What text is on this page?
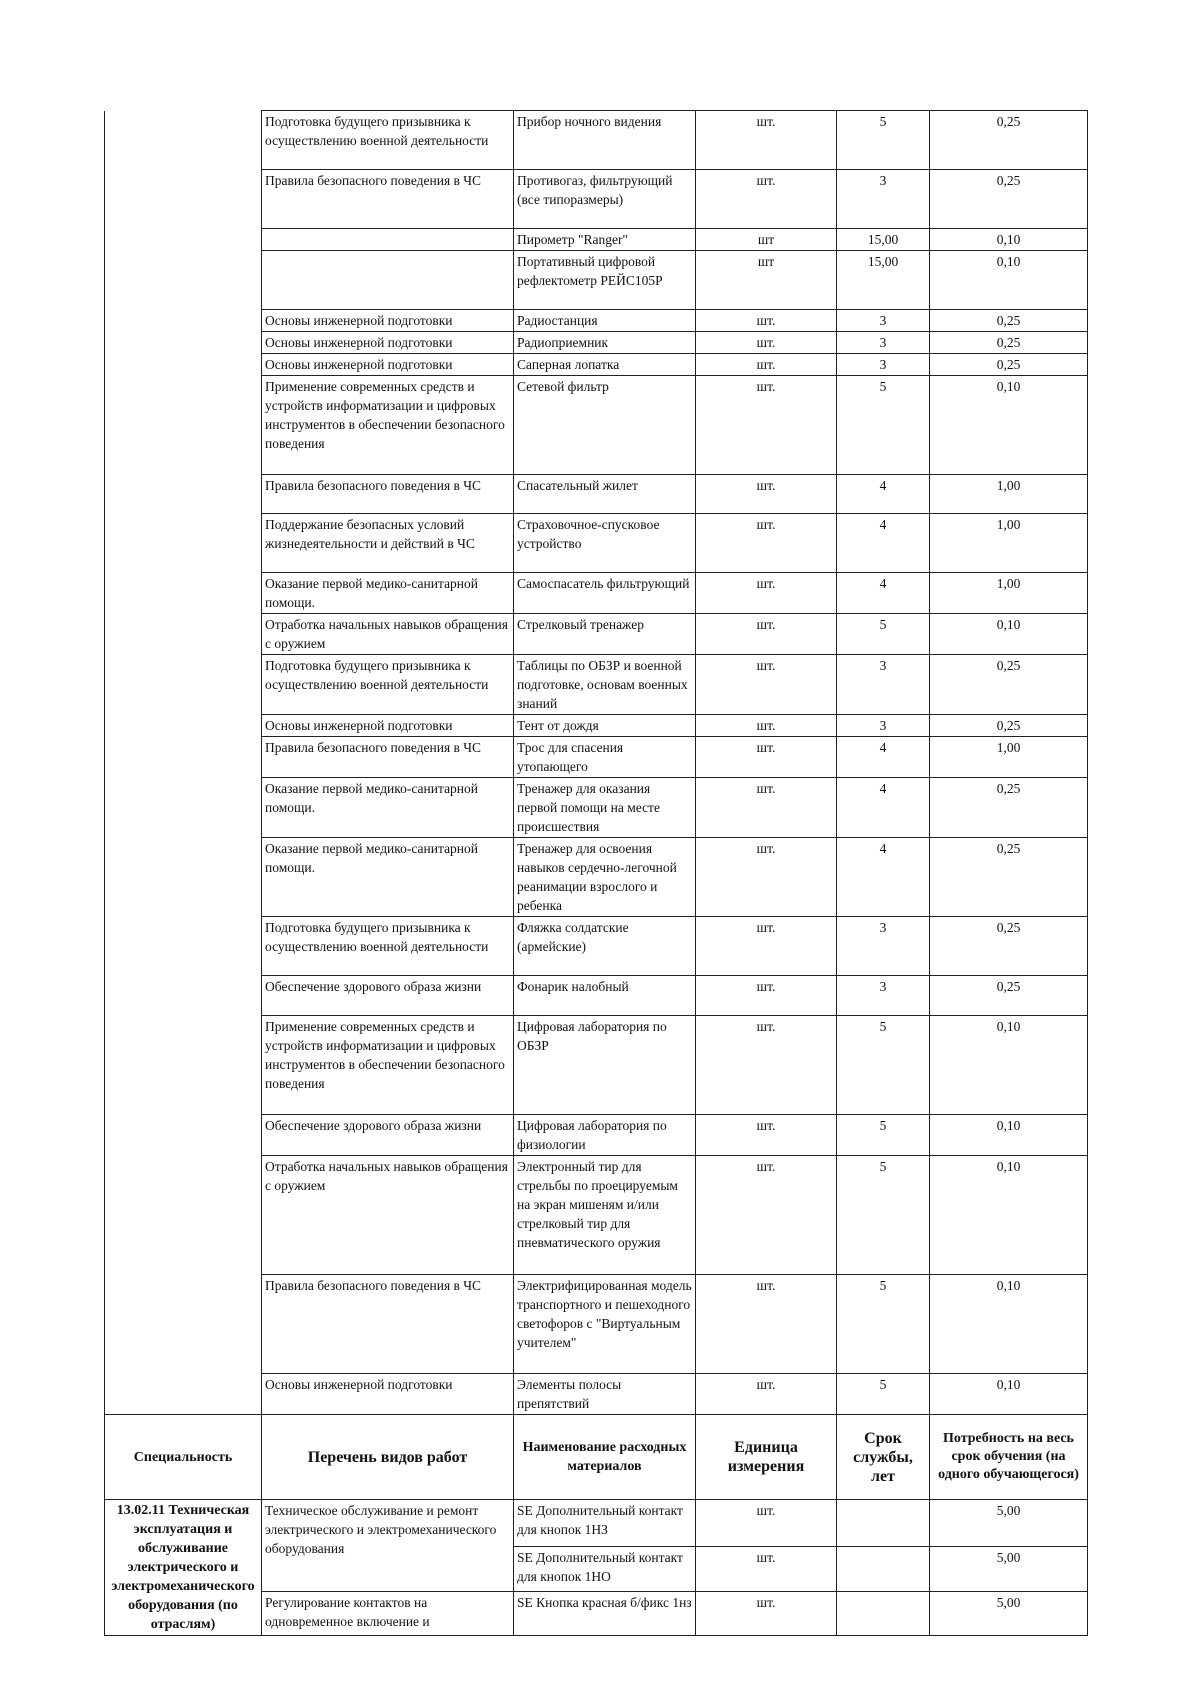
	Подготовка будущего призывника к осуществлению военной деятельности	Прибор ночного видения	шт.	5	0,25
	Правила безопасного поведения в ЧС	Противогаз, фильтрующий (все типоразмеры)	шт.	3	0,25
		Пирометр "Ranger"	шт	15,00	0,10
		Портативный цифровой рефлектометр РЕЙС105Р	шт	15,00	0,10
	Основы инженерной подготовки	Радиостанция	шт.	3	0,25
	Основы инженерной подготовки	Радиоприемник	шт.	3	0,25
	Основы инженерной подготовки	Саперная лопатка	шт.	3	0,25
	Применение современных средств и устройств информатизации и цифровых инструментов в обеспечении безопасного поведения	Сетевой фильтр	шт.	5	0,10
	Правила безопасного поведения в ЧС	Спасательный жилет	шт.	4	1,00
	Поддержание безопасных условий жизнедеятельности и действий в ЧС	Страховочное-спусковое устройство	шт.	4	1,00
	Оказание первой медико-санитарной помощи.	Самоспасатель фильтрующий	шт.	4	1,00
	Отработка начальных навыков обращения с оружием	Стрелковый тренажер	шт.	5	0,10
	Подготовка будущего призывника к осуществлению военной деятельности	Таблицы по ОБЗР и военной подготовке, основам военных знаний	шт.	3	0,25
	Основы инженерной подготовки	Тент от дождя	шт.	3	0,25
	Правила безопасного поведения в ЧС	Трос для спасения утопающего	шт.	4	1,00
	Оказание первой медико-санитарной помощи.	Тренажер для оказания первой помощи на месте происшествия	шт.	4	0,25
	Оказание первой медико-санитарной помощи.	Тренажер для освоения навыков сердечно-легочной реанимации взрослого и ребенка	шт.	4	0,25
	Подготовка будущего призывника к осуществлению военной деятельности	Фляжка солдатские (армейские)	шт.	3	0,25
	Обеспечение здорового образа жизни	Фонарик налобный	шт.	3	0,25
	Применение современных средств и устройств информатизации и цифровых инструментов в обеспечении безопасного поведения	Цифровая лаборатория по ОБЗР	шт.	5	0,10
	Обеспечение здорового образа жизни	Цифровая лаборатория по физиологии	шт.	5	0,10
	Отработка начальных навыков обращения с оружием	Электронный тир для стрельбы по проецируемым на экран мишеням и/или стрелковый тир для пневматического оружия	шт.	5	0,10
	Правила безопасного поведения в ЧС	Электрифицированная модель транспортного и пешеходного светофоров с "Виртуальным учителем"	шт.	5	0,10
	Основы инженерной подготовки	Элементы полосы препятствий	шт.	5	0,10
Специальность	Перечень видов работ	Наименование расходных материалов	Единица измерения	Срок службы, лет	Потребность на весь срок обучения (на одного обучающегося)
13.02.11 Техническая эксплуатация и обслуживание электрического и электромеханического оборудования (по отраслям)	Техническое обслуживание и ремонт электрического и электромеханического оборудования	SE Дополнительный контакт для кнопок 1НЗ	шт.		5,00
		SE Дополнительный контакт для кнопок 1НО	шт.		5,00
	Регулирование контактов на одновременное включение и	SE Кнопка красная б/фикс 1нз	шт.		5,00
